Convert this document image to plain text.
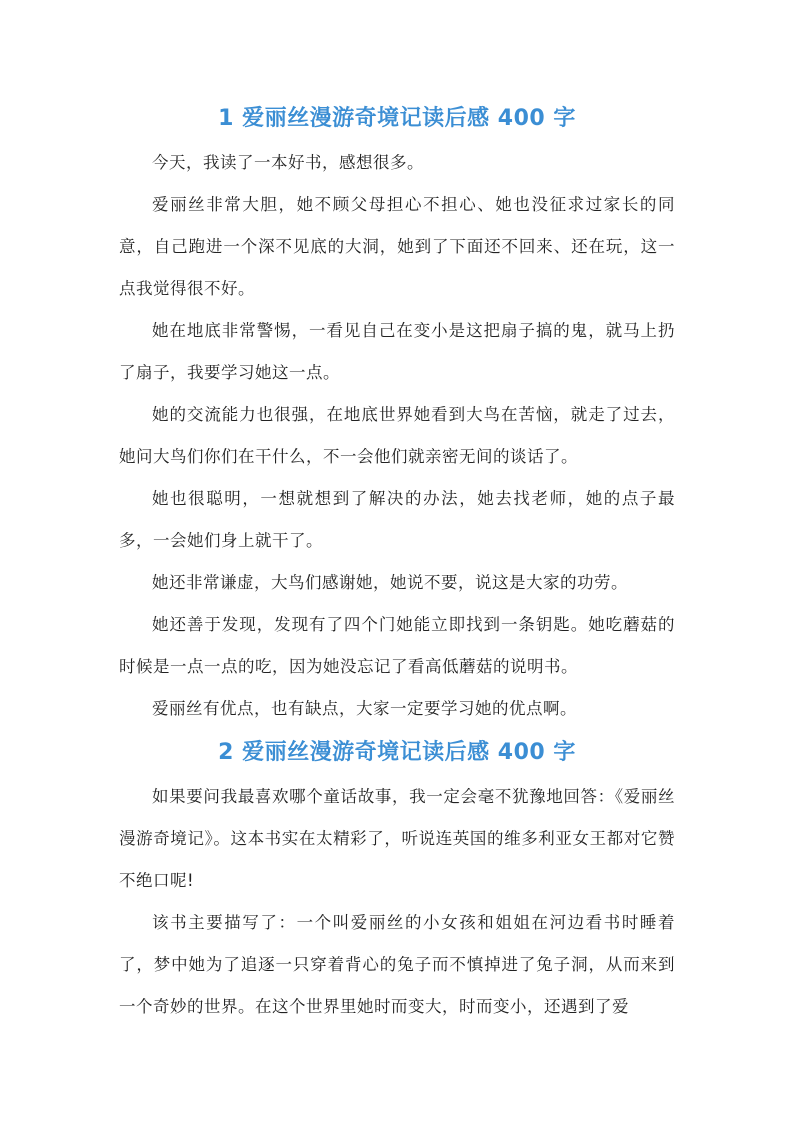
1 爱丽丝漫游奇境记读后感 400 字

今天，我读了一本好书，感想很多。

爱丽丝非常大胆，她不顾父母担心不担心、她也没征求过家长的同意，自己跑进一个深不见底的大洞，她到了下面还不回来、还在玩，这一点我觉得很不好。

她在地底非常警惕，一看见自己在变小是这把扇子搞的鬼，就马上扔了扇子，我要学习她这一点。

她的交流能力也很强，在地底世界她看到大鸟在苦恼，就走了过去，她问大鸟们你们在干什么，不一会他们就亲密无间的谈话了。

她也很聪明，一想就想到了解决的办法，她去找老师，她的点子最多，一会她们身上就干了。

她还非常谦虚，大鸟们感谢她，她说不要，说这是大家的功劳。

她还善于发现，发现有了四个门她能立即找到一条钥匙。她吃蘑菇的时候是一点一点的吃，因为她没忘记了看高低蘑菇的说明书。

爱丽丝有优点，也有缺点，大家一定要学习她的优点啊。

2 爱丽丝漫游奇境记读后感 400 字

如果要问我最喜欢哪个童话故事，我一定会毫不犹豫地回答：《爱丽丝漫游奇境记》。这本书实在太精彩了，听说连英国的维多利亚女王都对它赞不绝口呢!

该书主要描写了：一个叫爱丽丝的小女孩和姐姐在河边看书时睡着了，梦中她为了追逐一只穿着背心的兔子而不慎掉进了兔子洞，从而来到一个奇妙的世界。在这个世界里她时而变大，时而变小，还遇到了爱
